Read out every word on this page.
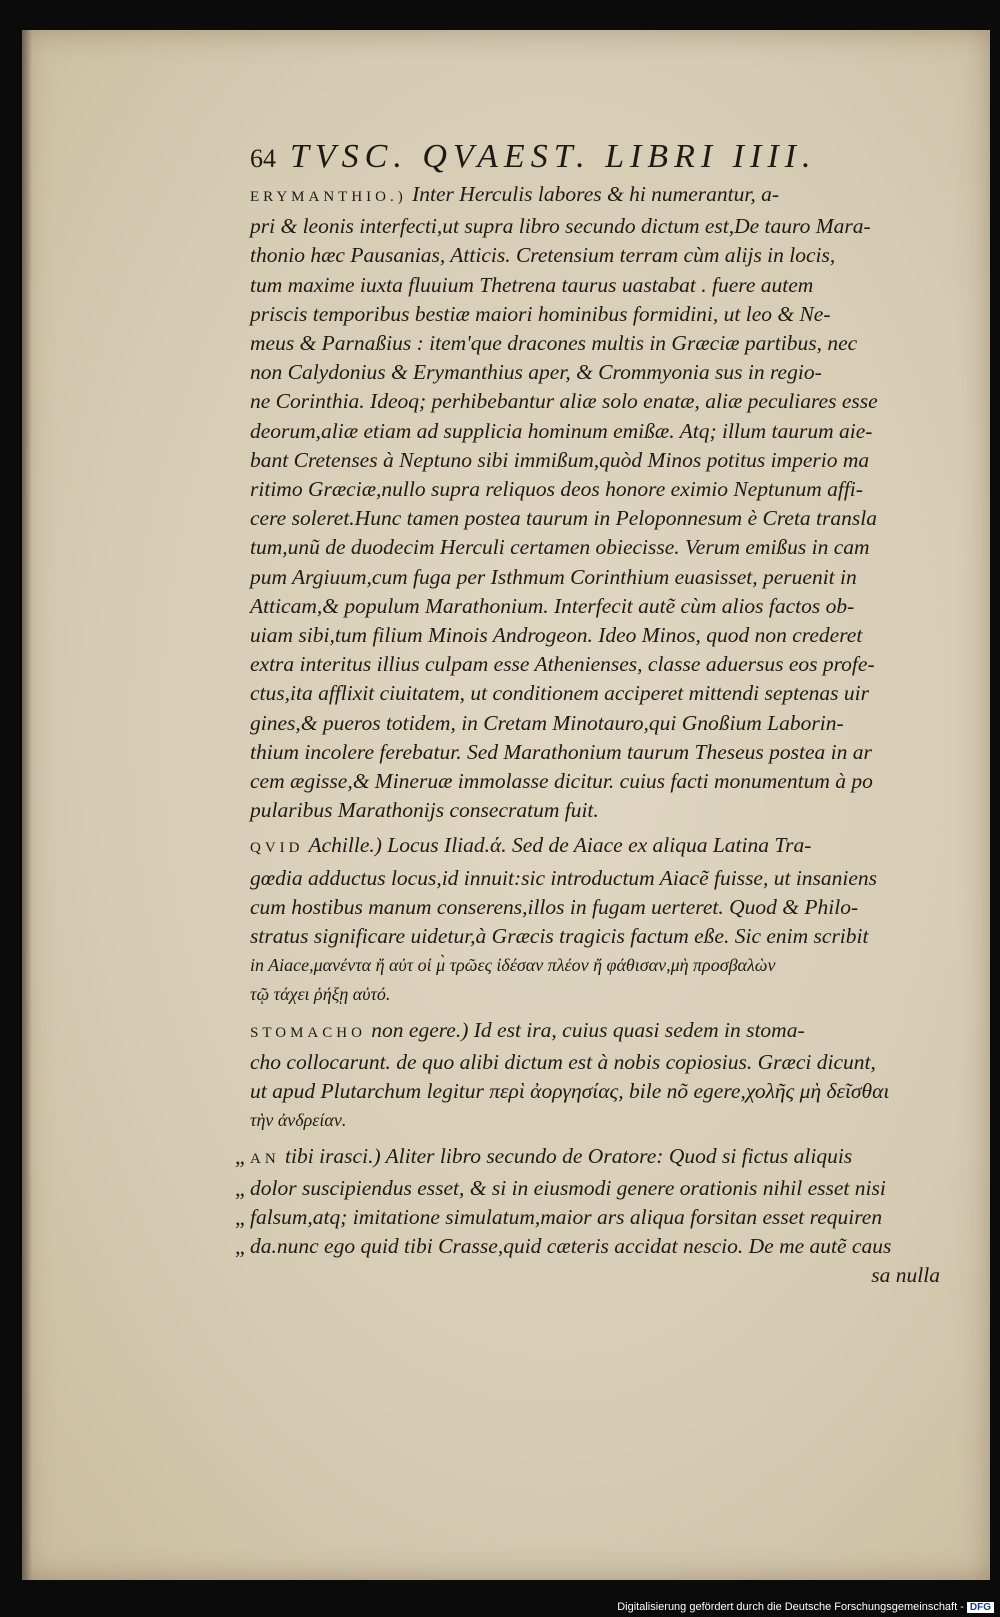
64 TVSC. QVAEST. LIBRI IIII.
ERYMANTHIO.) Inter Herculis labores & hi numerantur, a-
pri & leonis interfecti,ut supra libro secundo dictum est,De tauro Mara-
thonio hæc Pausanias, Atticis. Cretensium terram cùm alijs in locis,
tum maxime iuxta fluuium Thetrena taurus uastabat . fuere autem
priscis temporibus bestiæ maiori hominibus formidini, ut leo & Ne-
meus & Parnaßius : item'que dracones multis in Græciæ partibus, nec
non Calydonius & Erymanthius aper, & Crommyonia sus in regio-
ne Corinthia. Ideoq; perhibebantur aliæ solo enatæ, aliæ peculiares esse
deorum,aliæ etiam ad supplicia hominum emißæ. Atq; illum taurum aie-
bant Cretenses à Neptuno sibi immißum,quòd Minos potitus imperio ma
ritimo Græciæ,nullo supra reliquos deos honore eximio Neptunum affi-
cere soleret.Hunc tamen postea taurum in Peloponnesum è Creta transla
tum,unũ de duodecim Herculi certamen obiecisse. Verum emißus in cam
pum Argiuum,cum fuga per Isthmum Corinthium euasisset, peruenit in
Atticam,& populum Marathonium. Interfecit autẽ cùm alios factos ob-
uiam sibi,tum filium Minois Androgeon. Ideo Minos, quod non crederet
extra interitus illius culpam esse Athenienses, classe aduersus eos profe-
ctus,ita afflixit ciuitatem, ut conditionem acciperet mittendi septenas uir
gines,& pueros totidem, in Cretam Minotauro,qui Gnoßium Laborin-
thium incolere ferebatur. Sed Marathonium taurum Theseus postea in ar
cem ægisse,& Mineruæ immolasse dicitur. cuius facti monumentum à po
pularibus Marathonijs consecratum fuit.
QVID Achille.) Locus Iliad.ά. Sed de Aiace ex aliqua Latina Tra-
gœdia adductus locus,id innuit:sic introductum Aiacẽ fuisse, ut insaniens
cum hostibus manum conserens,illos in fugam uerteret. Quod & Philo-
stratus significare uidetur,à Græcis tragicis factum eße. Sic enim scribit
in Aiace,μανέντα ἤ αὐτ οἱ μ̀ τρῶες ἰδέσαν πλέον ἤ φάθισαν,μὴ προσβαλὼν
τῷ τάχει ῥήξῃ αὐτό.
STOMACHO non egere.) Id est ira, cuius quasi sedem in stoma-
cho collocarunt. de quo alibi dictum est à nobis copiosius. Græci dicunt,
ut apud Plutarchum legitur περὶ ἀοργησίας, bile nõ egere,χολῆς μὴ δεῖσθαι
τὴν ἀνδρείαν.
„ AN tibi irasci.) Aliter libro secundo de Oratore: Quod si fictus aliquis
„ dolor suscipiendus esset, & si in eiusmodi genere orationis nihil esset nisi
„ falsum,atq; imitatione simulatum,maior ars aliqua forsitan esset requiren
„ da.nunc ego quid tibi Crasse,quid cæteris accidat nescio. De me autẽ caus
sa nulla
Digitalisierung gefördert durch die Deutsche Forschungsgemeinschaft - DFG
